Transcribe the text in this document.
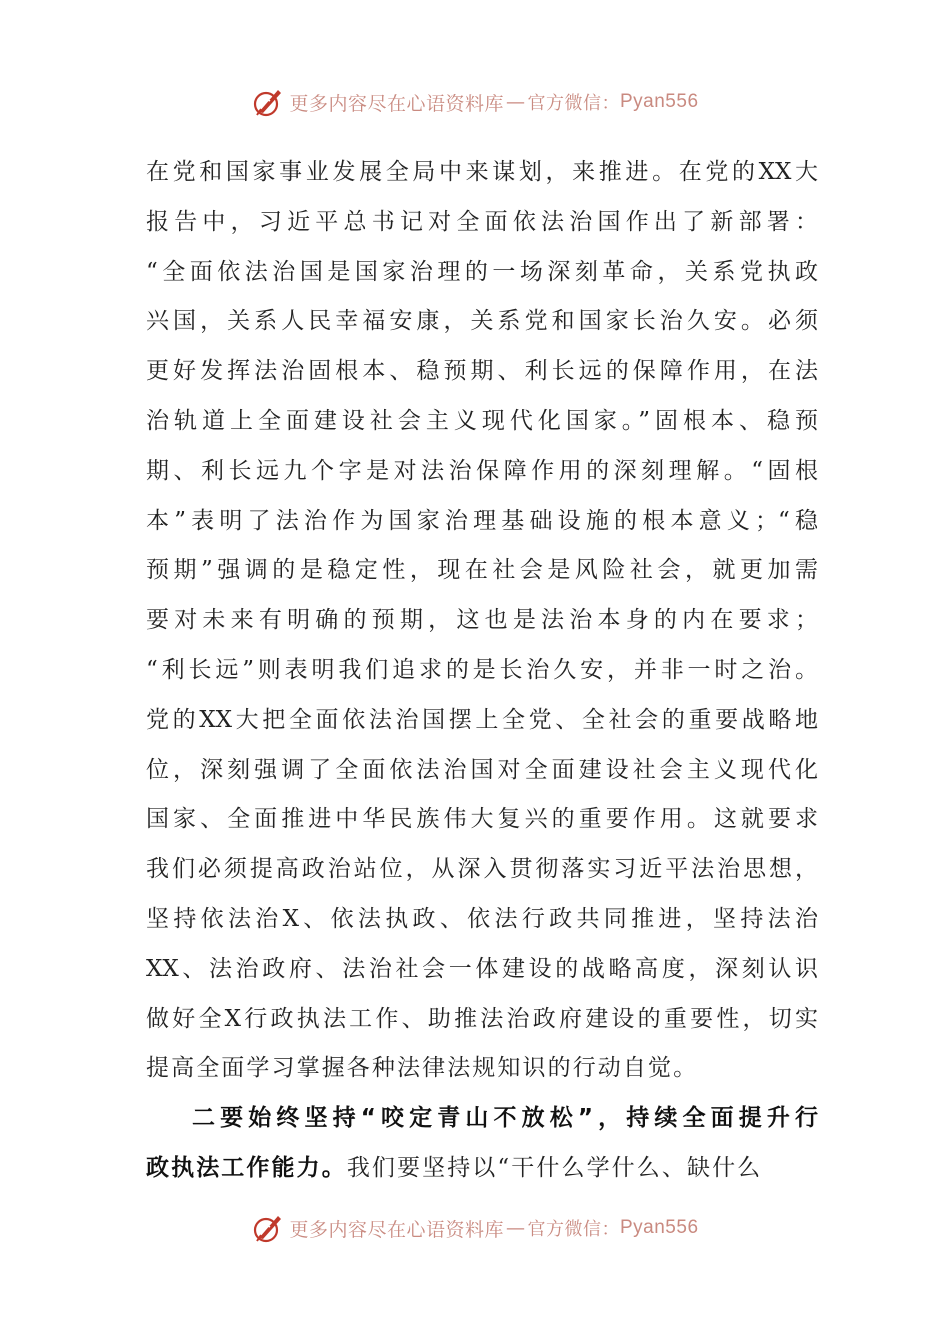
更多内容尽在心语资料库 — 官方微信： Pyan556
在党和国家事业发展全局中来谋划，来推进。在党的XX大
报告中，习近平总书记对全面依法治国作出了新部署：
“全面依法治国是国家治理的一场深刻革命，关系党执政
兴国，关系人民幸福安康，关系党和国家长治久安。必须
更好发挥法治固根本、稳预期、利长远的保障作用，在法
治轨道上全面建设社会主义现代化国家。”固根本、稳预
期、利长远九个字是对法治保障作用的深刻理解。“固根
本”表明了法治作为国家治理基础设施的根本意义；“稳
预期”强调的是稳定性，现在社会是风险社会，就更加需
要对未来有明确的预期，这也是法治本身的内在要求；
“利长远”则表明我们追求的是长治久安，并非一时之治。
党的XX大把全面依法治国摆上全党、全社会的重要战略地
位，深刻强调了全面依法治国对全面建设社会主义现代化
国家、全面推进中华民族伟大复兴的重要作用。这就要求
我们必须提高政治站位，从深入贯彻落实习近平法治思想，
坚持依法治X、依法执政、依法行政共同推进，坚持法治
XX、法治政府、法治社会一体建设的战略高度，深刻认识
做好全X行政执法工作、助推法治政府建设的重要性，切实
提高全面学习掌握各种法律法规知识的行动自觉。
二要始终坚持“咬定青山不放松”，持续全面提升行
政执法工作能力。我们要坚持以“干什么学什么、缺什么
更多内容尽在心语资料库 — 官方微信： Pyan556
